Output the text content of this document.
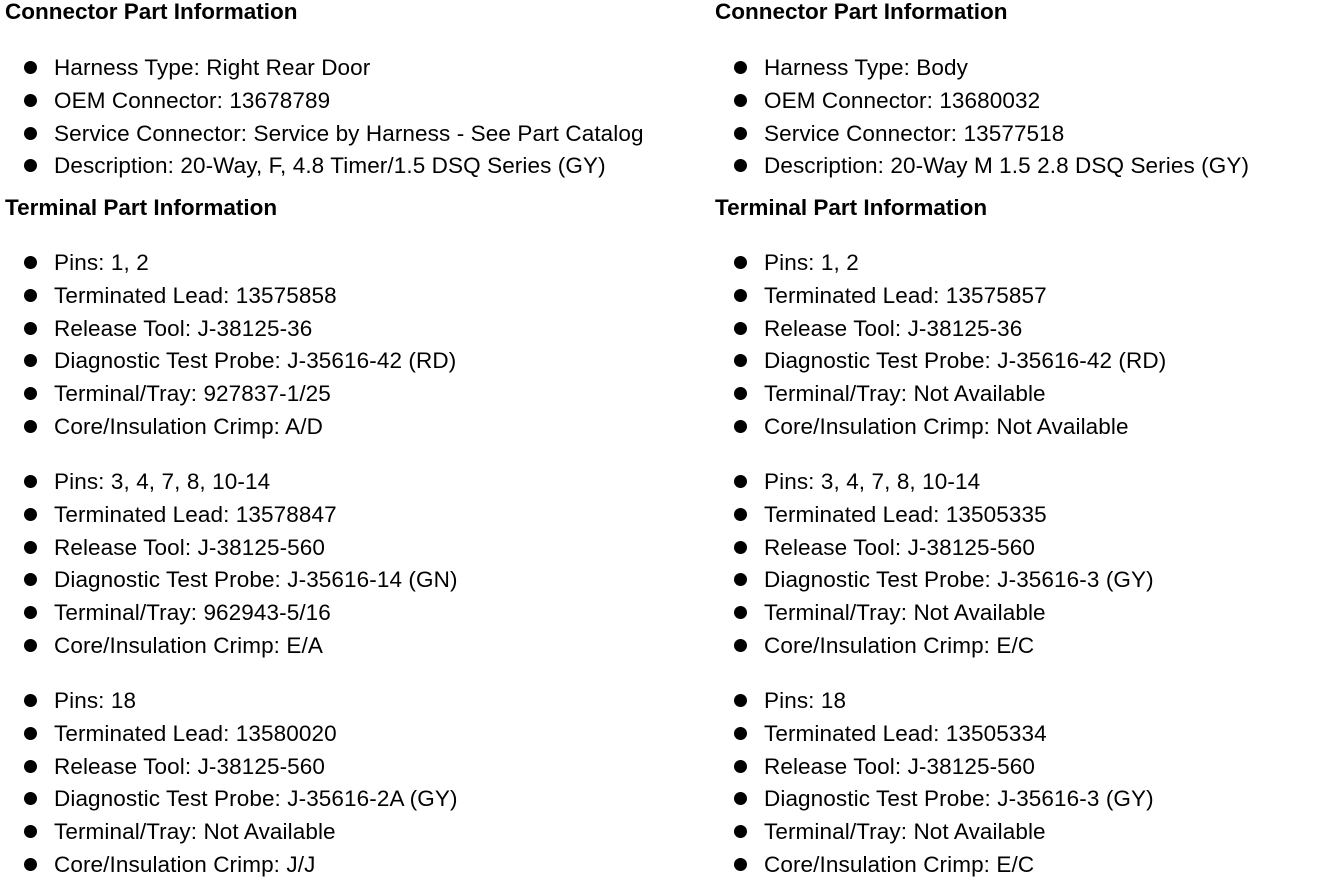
Connector Part Information
Harness Type: Right Rear Door
OEM Connector: 13678789
Service Connector: Service by Harness - See Part Catalog
Description: 20-Way, F, 4.8 Timer/1.5 DSQ Series (GY)
Terminal Part Information
Pins: 1, 2
Terminated Lead: 13575858
Release Tool: J-38125-36
Diagnostic Test Probe: J-35616-42 (RD)
Terminal/Tray: 927837-1/25
Core/Insulation Crimp: A/D
Pins: 3, 4, 7, 8, 10-14
Terminated Lead: 13578847
Release Tool: J-38125-560
Diagnostic Test Probe: J-35616-14 (GN)
Terminal/Tray: 962943-5/16
Core/Insulation Crimp: E/A
Pins: 18
Terminated Lead: 13580020
Release Tool: J-38125-560
Diagnostic Test Probe: J-35616-2A (GY)
Terminal/Tray: Not Available
Core/Insulation Crimp: J/J
Connector Part Information
Harness Type: Body
OEM Connector: 13680032
Service Connector: 13577518
Description: 20-Way M 1.5 2.8 DSQ Series (GY)
Terminal Part Information
Pins: 1, 2
Terminated Lead: 13575857
Release Tool: J-38125-36
Diagnostic Test Probe: J-35616-42 (RD)
Terminal/Tray: Not Available
Core/Insulation Crimp: Not Available
Pins: 3, 4, 7, 8, 10-14
Terminated Lead: 13505335
Release Tool: J-38125-560
Diagnostic Test Probe: J-35616-3 (GY)
Terminal/Tray: Not Available
Core/Insulation Crimp: E/C
Pins: 18
Terminated Lead: 13505334
Release Tool: J-38125-560
Diagnostic Test Probe: J-35616-3 (GY)
Terminal/Tray: Not Available
Core/Insulation Crimp: E/C
